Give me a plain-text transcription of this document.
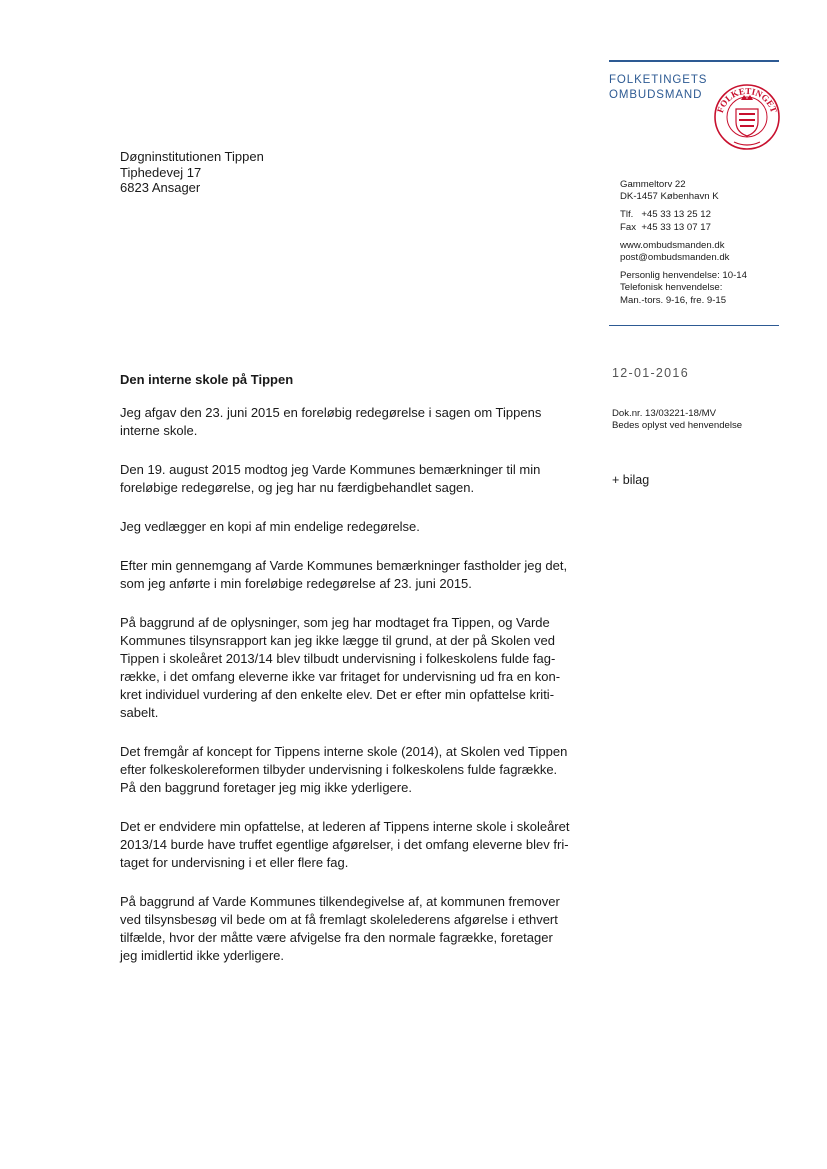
FOLKETINGETS
OMBUDSMAND
FOLKETINGET
Døgninstitutionen Tippen
Tiphedevej 17
6823 Ansager	Gammeltorv 22
DK-1457 København K
Tlf.   +45 33 13 25 12
Fax  +45 33 13 07 17
www.ombudsmanden.dk
post@ombudsmanden.dk
Personlig henvendelse: 10-14
Telefonisk henvendelse:
Man.-tors. 9-16, fre. 9-15
12-01-2016
Dok.nr. 13/03221-18/MV
Bedes oplyst ved henvendelse
+ bilag
Den interne skole på Tippen

Jeg afgav den 23. juni 2015 en foreløbig redegørelse i sagen om Tippens
interne skole.

Den 19. august 2015 modtog jeg Varde Kommunes bemærkninger til min
foreløbige redegørelse, og jeg har nu færdigbehandlet sagen.

Jeg vedlægger en kopi af min endelige redegørelse.

Efter min gennemgang af Varde Kommunes bemærkninger fastholder jeg det,
som jeg anførte i min foreløbige redegørelse af 23. juni 2015.

På baggrund af de oplysninger, som jeg har modtaget fra Tippen, og Varde
Kommunes tilsynsrapport kan jeg ikke lægge til grund, at der på Skolen ved
Tippen i skoleåret 2013/14 blev tilbudt undervisning i folkeskolens fulde fag-
række, i det omfang eleverne ikke var fritaget for undervisning ud fra en kon-
kret individuel vurdering af den enkelte elev. Det er efter min opfattelse kriti-
sabelt.

Det fremgår af koncept for Tippens interne skole (2014), at Skolen ved Tippen
efter folkeskolereformen tilbyder undervisning i folkeskolens fulde fagrække.
På den baggrund foretager jeg mig ikke yderligere.

Det er endvidere min opfattelse, at lederen af Tippens interne skole i skoleåret
2013/14 burde have truffet egentlige afgørelser, i det omfang eleverne blev fri-
taget for undervisning i et eller flere fag.

På baggrund af Varde Kommunes tilkendegivelse af, at kommunen fremover
ved tilsynsbesøg vil bede om at få fremlagt skolelederens afgørelse i ethvert
tilfælde, hvor der måtte være afvigelse fra den normale fagrække, foretager
jeg imidlertid ikke yderligere.
